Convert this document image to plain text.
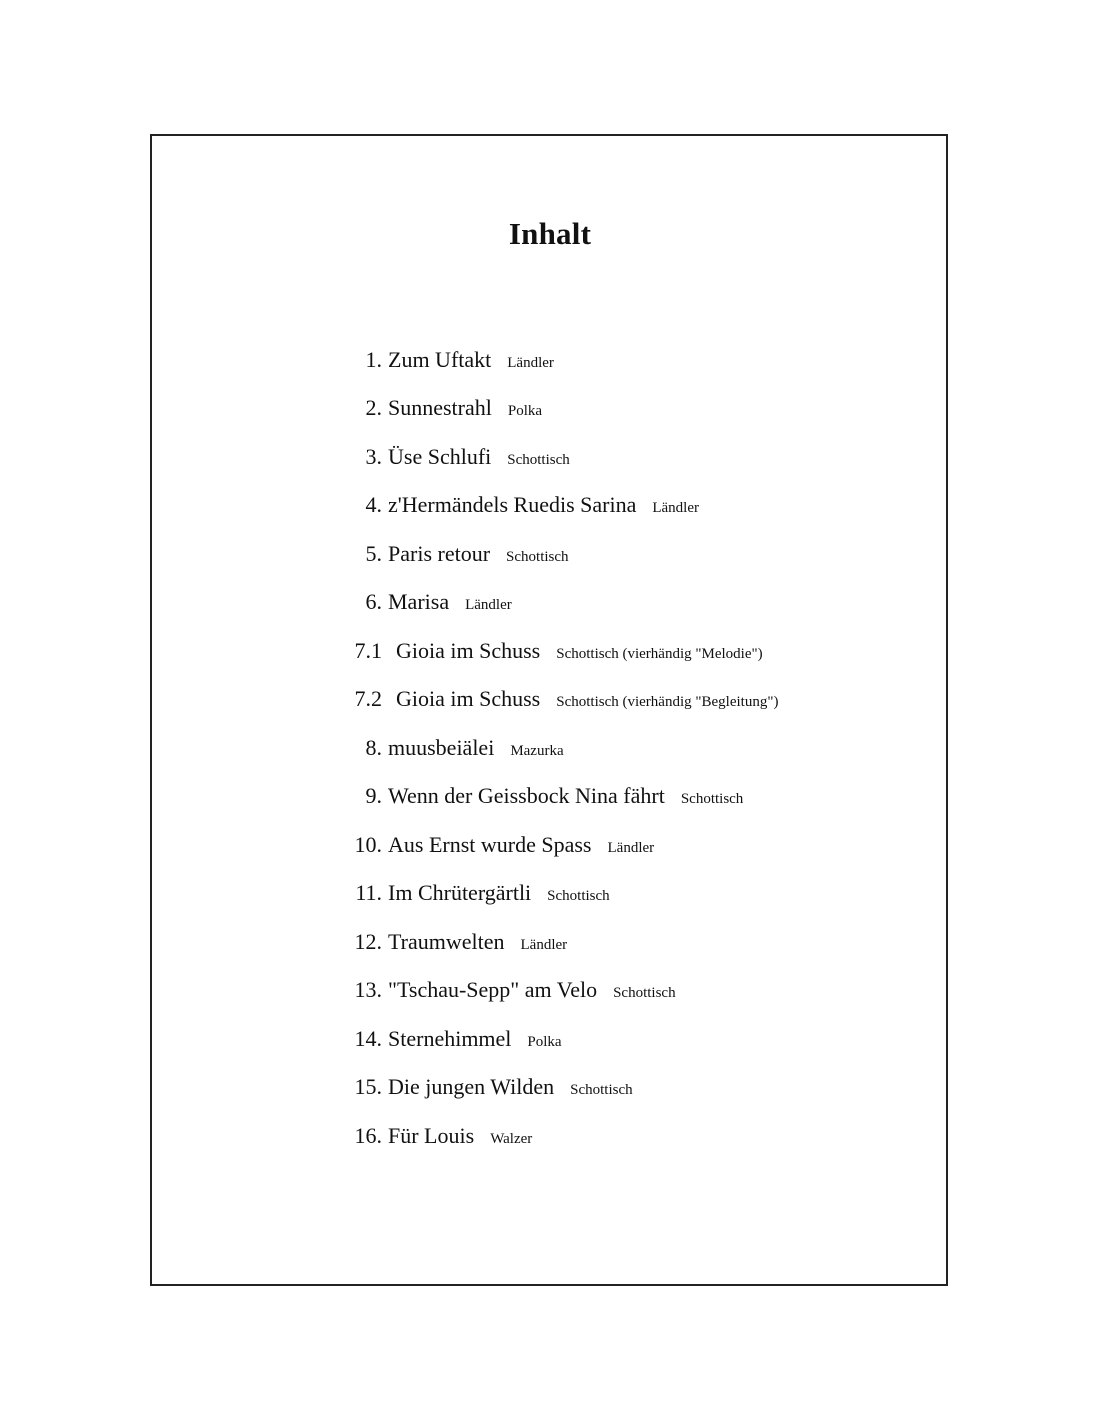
Inhalt
1. Zum Uftakt Ländler
2. Sunnestrahl Polka
3. Üse Schlufi Schottisch
4. z'Hermändels Ruedis Sarina Ländler
5. Paris retour Schottisch
6. Marisa Ländler
7.1 Gioia im Schuss Schottisch (vierhändig "Melodie")
7.2 Gioia im Schuss Schottisch (vierhändig "Begleitung")
8. muusbeiälei Mazurka
9. Wenn der Geissbock Nina fährt Schottisch
10. Aus Ernst wurde Spass Ländler
11. Im Chrütergärtli Schottisch
12. Traumwelten Ländler
13. "Tschau-Sepp" am Velo Schottisch
14. Sternehimmel Polka
15. Die jungen Wilden Schottisch
16. Für Louis Walzer
